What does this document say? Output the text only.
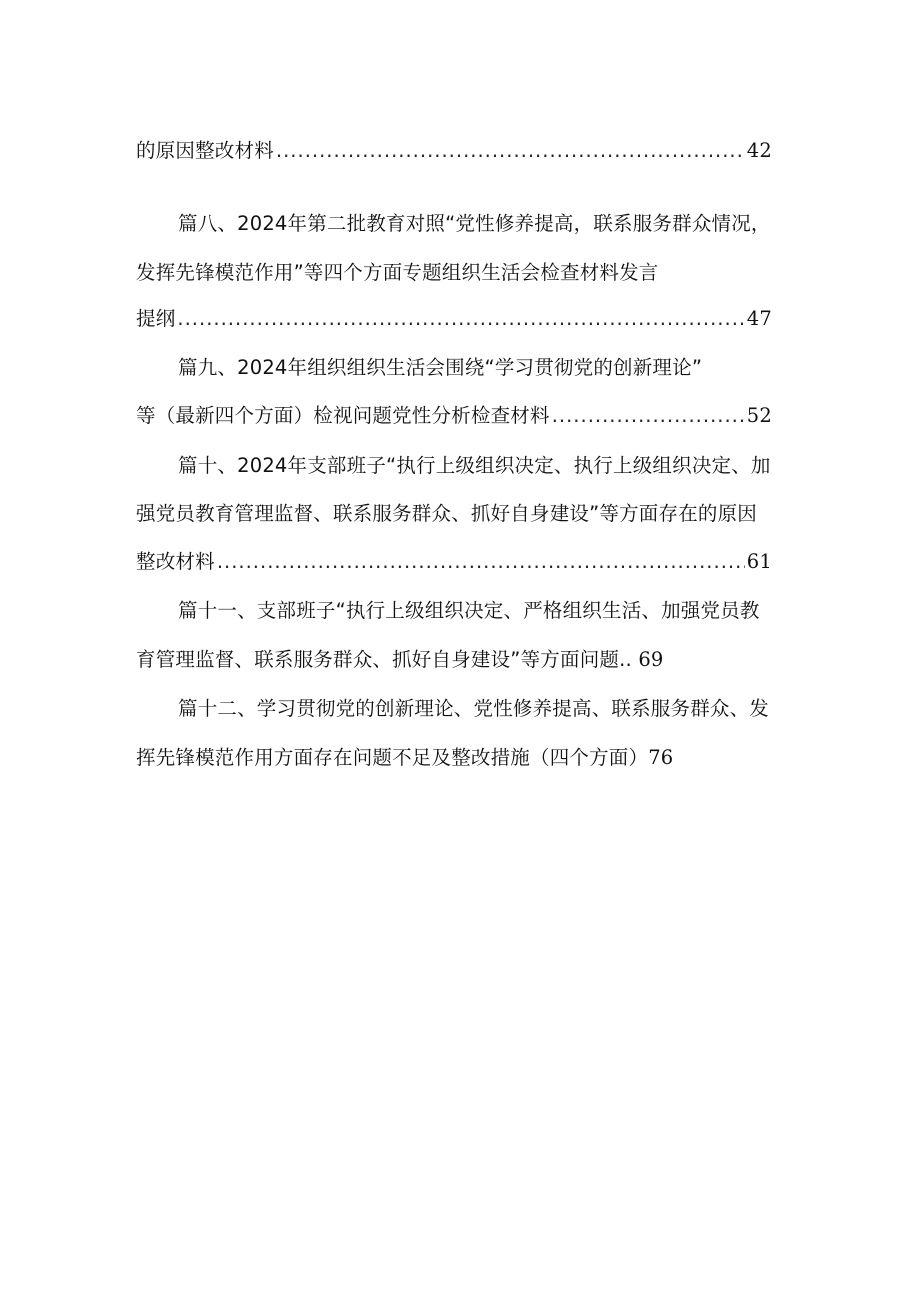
的原因整改材料 .....	42
篇八、2024年第二批教育对照“党性修养提高，联系服务群众情况，
发挥先锋模范作用”等四个方面专题组织生活会检查材料发言
提纲 .....	47
篇九、2024年组织组织生活会围绕“学习贯彻党的创新理论”
等（最新四个方面）检视问题党性分析检查材料 .....	52
篇十、2024年支部班子“执行上级组织决定、执行上级组织决定、加
强党员教育管理监督、联系服务群众、抓好自身建设”等方面存在的原因
整改材料 .....	61
篇十一、支部班子“执行上级组织决定、严格组织生活、加强党员教
育管理监督、联系服务群众、抓好自身建设”等方面问题.. 69
篇十二、学习贯彻党的创新理论、党性修养提高、联系服务群众、发
挥先锋模范作用方面存在问题不足及整改措施（四个方面）76
